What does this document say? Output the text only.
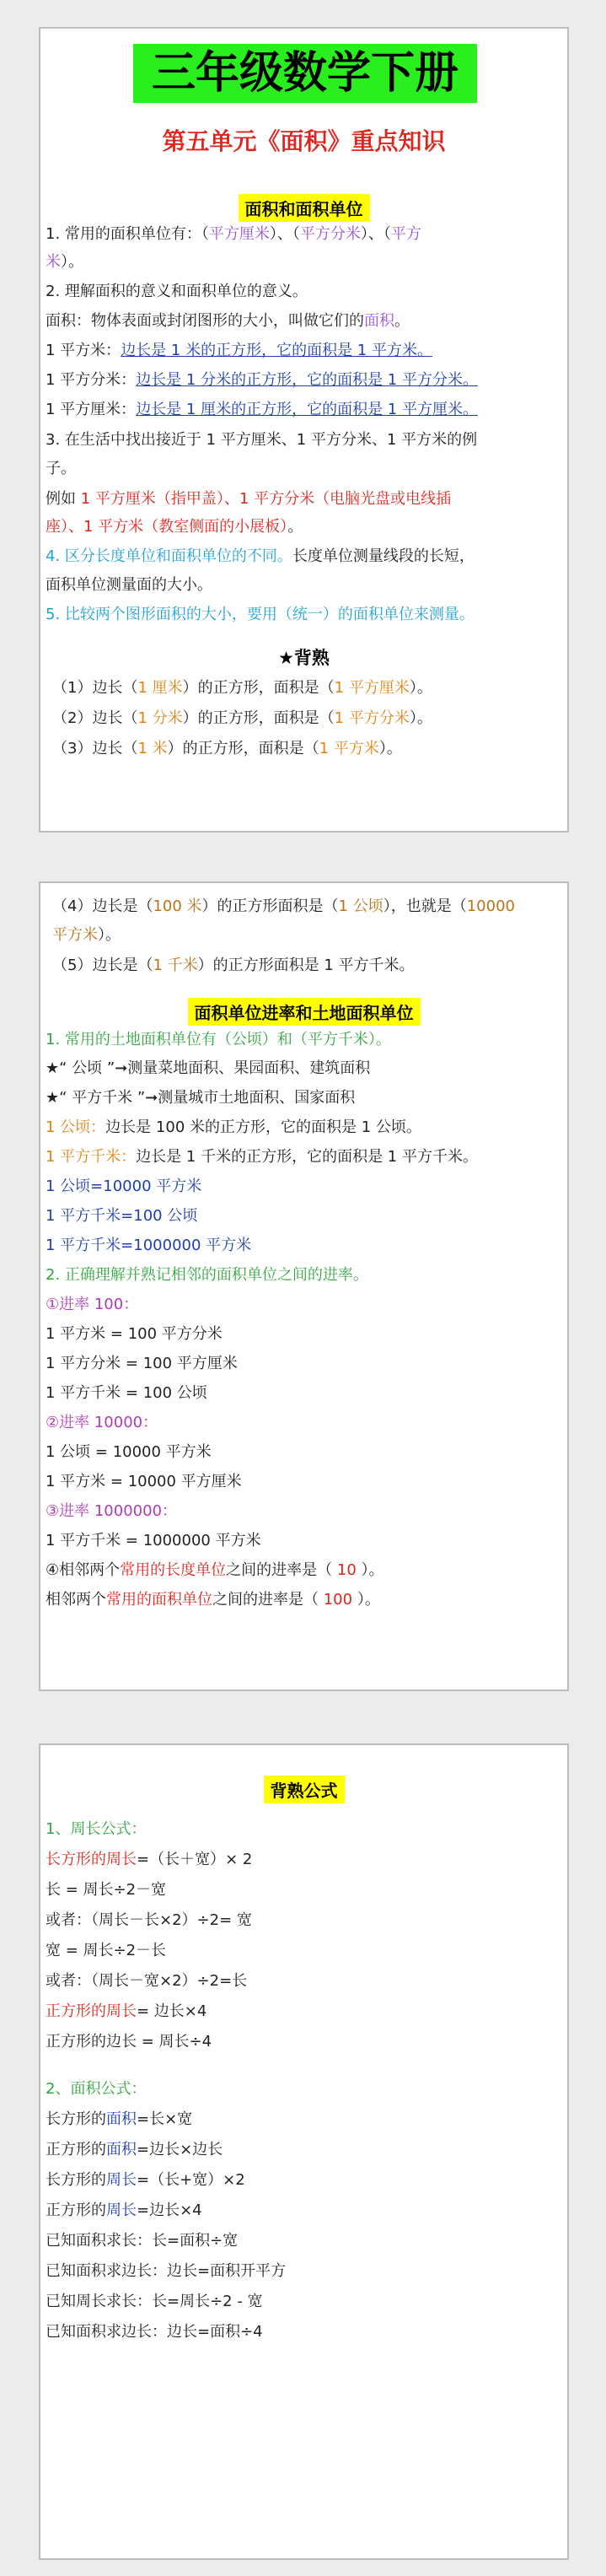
三年级数学下册
第五单元《面积》重点知识
面积和面积单位
1. 常用的面积单位有：（平方厘米）、（平方分米）、（平方
米）。
2. 理解面积的意义和面积单位的意义。
面积：物体表面或封闭图形的大小，叫做它们的面积。
1 平方米：边长是 1 米的正方形，它的面积是 1 平方米。
1 平方分米：边长是 1 分米的正方形，它的面积是 1 平方分米。
1 平方厘米：边长是 1 厘米的正方形，它的面积是 1 平方厘米。
3. 在生活中找出接近于 1 平方厘米、1 平方分米、1 平方米的例
子。
例如 1 平方厘米（指甲盖）、1 平方分米（电脑光盘或电线插
座）、1 平方米（教室侧面的小展板）。
4. 区分长度单位和面积单位的不同。长度单位测量线段的长短，
面积单位测量面的大小。
5. 比较两个图形面积的大小，要用（统一）的面积单位来测量。
★背熟
（1）边长（1 厘米）的正方形，面积是（1 平方厘米）。
（2）边长（1 分米）的正方形，面积是（1 平方分米）。
（3）边长（1 米）的正方形，面积是（1 平方米）。
（4）边长是（100 米）的正方形面积是（1 公顷），也就是（10000
平方米）。
（5）边长是（1 千米）的正方形面积是 1 平方千米。
面积单位进率和土地面积单位
1. 常用的土地面积单位有（公顷）和（平方千米）。
★“ 公顷 ”➞测量菜地面积、果园面积、建筑面积
★“ 平方千米 ”➞测量城市土地面积、国家面积
1 公顷：边长是 100 米的正方形，它的面积是 1 公顷。
1 平方千米：边长是 1 千米的正方形，它的面积是 1 平方千米。
1 公顷=10000 平方米
1 平方千米=100 公顷
1 平方千米=1000000 平方米
2. 正确理解并熟记相邻的面积单位之间的进率。
①进率 100：
1 平方米 = 100 平方分米
1 平方分米 = 100 平方厘米
1 平方千米 = 100 公顷
②进率 10000：
1 公顷 = 10000 平方米
1 平方米 = 10000 平方厘米
③进率 1000000：
1 平方千米 = 1000000 平方米
④相邻两个常用的长度单位之间的进率是（ 10 ）。
相邻两个常用的面积单位之间的进率是（ 100 ）。
背熟公式
1、周长公式：
长方形的周长=（长＋宽）× 2
长 = 周长÷2－宽
或者：（周长－长×2）÷2= 宽
宽 = 周长÷2－长
或者：（周长－宽×2）÷2=长
正方形的周长= 边长×4
正方形的边长 = 周长÷4
2、面积公式：
长方形的面积=长×宽
正方形的面积=边长×边长
长方形的周长=（长+宽）×2
正方形的周长=边长×4
已知面积求长：长=面积÷宽
已知面积求边长：边长=面积开平方
已知周长求长：长=周长÷2 - 宽
已知面积求边长：边长=面积÷4
